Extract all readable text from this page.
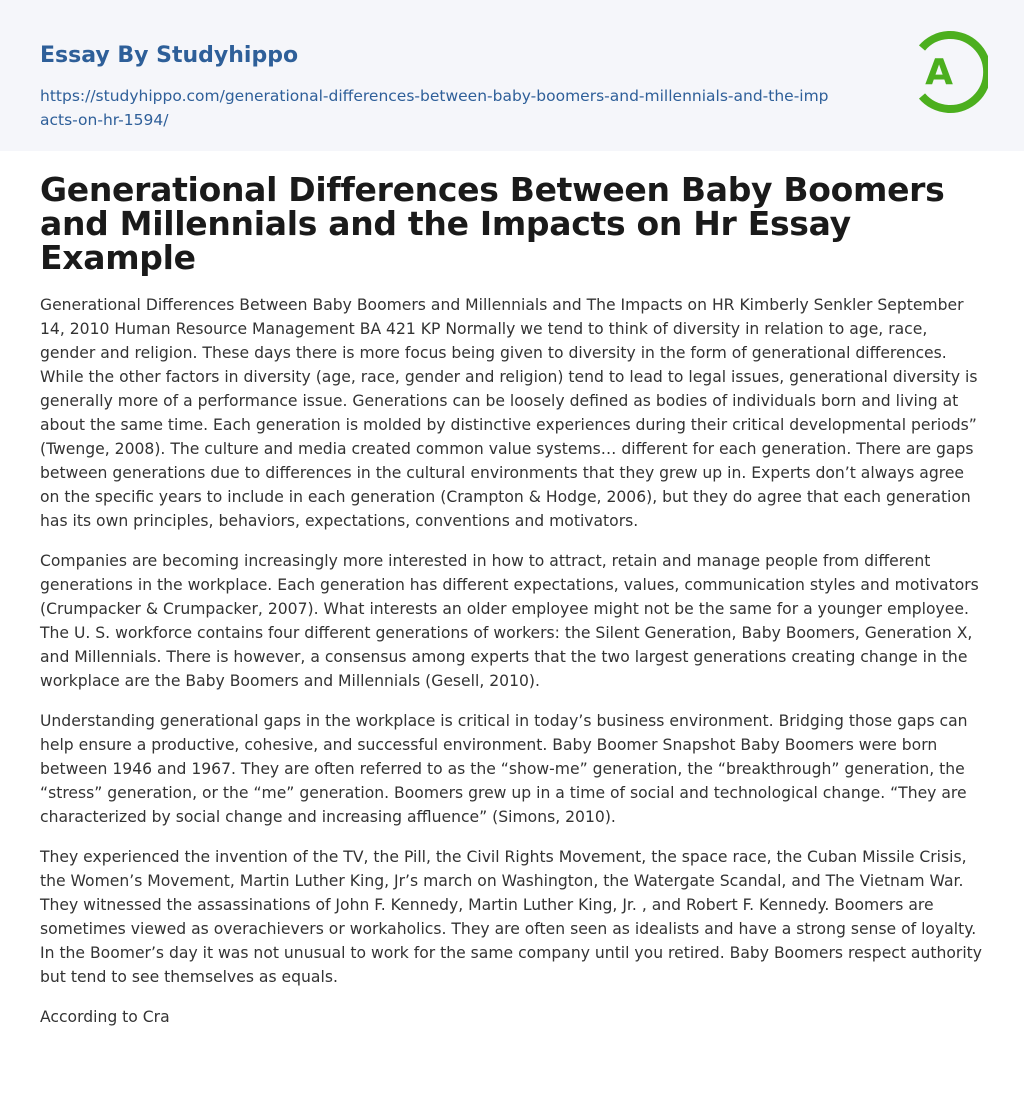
Essay By Studyhippo
https://studyhippo.com/generational-differences-between-baby-boomers-and-millennials-and-the-impacts-on-hr-1594/
A
Generational Differences Between Baby Boomers and Millennials and the Impacts on Hr Essay Example

Generational Differences Between Baby Boomers and Millennials and The Impacts on HR Kimberly Senkler September 14, 2010 Human Resource Management BA 421 KP Normally we tend to think of diversity in relation to age, race, gender and religion. These days there is more focus being given to diversity in the form of generational differences. While the other factors in diversity (age, race, gender and religion) tend to lead to legal issues, generational diversity is generally more of a performance issue. Generations can be loosely defined as bodies of individuals born and living at about the same time. Each generation is molded by distinctive experiences during their critical developmental periods” (Twenge, 2008). The culture and media created common value systems… different for each generation. There are gaps between generations due to differences in the cultural environments that they grew up in. Experts don’t always agree on the specific years to include in each generation (Crampton & Hodge, 2006), but they do agree that each generation has its own principles, behaviors, expectations, conventions and motivators.

Companies are becoming increasingly more interested in how to attract, retain and manage people from different generations in the workplace. Each generation has different expectations, values, communication styles and motivators (Crumpacker & Crumpacker, 2007). What interests an older employee might not be the same for a younger employee. The U. S. workforce contains four different generations of workers: the Silent Generation, Baby Boomers, Generation X, and Millennials. There is however, a consensus among experts that the two largest generations creating change in the workplace are the Baby Boomers and Millennials (Gesell, 2010).

Understanding generational gaps in the workplace is critical in today’s business environment. Bridging those gaps can help ensure a productive, cohesive, and successful environment. Baby Boomer Snapshot Baby Boomers were born between 1946 and 1967. They are often referred to as the “show-me” generation, the “breakthrough” generation, the “stress” generation, or the “me” generation. Boomers grew up in a time of social and technological change. “They are characterized by social change and increasing affluence” (Simons, 2010).

They experienced the invention of the TV, the Pill, the Civil Rights Movement, the space race, the Cuban Missile Crisis, the Women’s Movement, Martin Luther King, Jr’s march on Washington, the Watergate Scandal, and The Vietnam War. They witnessed the assassinations of John F. Kennedy, Martin Luther King, Jr. , and Robert F. Kennedy. Boomers are sometimes viewed as overachievers or workaholics. They are often seen as idealists and have a strong sense of loyalty. In the Boomer’s day it was not unusual to work for the same company until you retired. Baby Boomers respect authority but tend to see themselves as equals.

According to Cra
